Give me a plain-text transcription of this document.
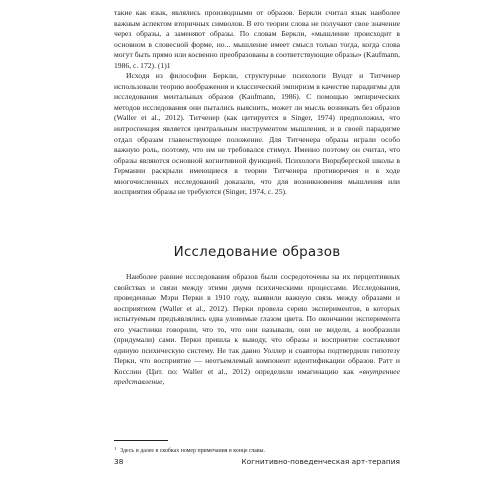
такие как язык, являлись производными от образов. Беркли считал язык наиболее важным аспектом вторичных символов. В его теории слова не получают свое значение через образы, а заменяют образы. По словам Беркли, «мышление происходит в основном в словесной форме, но... мышление имеет смысл только тогда, когда слова могут быть прямо или косвенно преобразованы в соответствующие образы» (Kaufmann, 1986, с. 172). (1)1

Исходя из философии Беркли, структурные психологи Вундт и Титченер использовали теорию воображения и классический эмпиризм в качестве парадигмы для исследования ментальных образов (Kaufmann, 1986). С помощью эмпирических методов исследования они пытались выяснить, может ли мысль возникать без образов (Waller et al., 2012). Титченер (как цитируется в Singer, 1974) предположил, что интроспекция является центральным инструментом мышления, и в своей парадигме отдал образам главенствующее положение. Для Титченера образы играли особо важную роль, поэтому, что им не требовался стимул. Именно поэтому он считал, что образы являются основной когнитивной функцией. Психологи Вюрцбергской школы в Германии раскрыли имеющиеся в теории Титченера противоречия и в ходе многочисленных исследований доказали, что для возникновения мышления или восприятия образы не требуются (Singer, 1974, с. 25).

Исследование образов

Наиболее ранние исследования образов были сосредоточены на их перцептивных свойствах и связи между этими двумя психическими процессами. Исследования, проведенные Мэри Перки в 1910 году, выявили важную связь между образами и восприятием (Waller et al., 2012). Перки провела серию экспериментов, в которых испытуемым предъявлялись едва уловимые глазом цвета. По окончании эксперимента его участники говорили, что то, что они называли, они не видели, а вообразили (придумали) сами. Перки пришла к выводу, что образы и восприятие составляют единую психическую систему. Не так давно Уоллер и соавторы подтвердили гипотезу Перки, что восприятие — неотъемлемый компонент идентификации образов. Ратт и Косслин (Цит. по: Waller et al., 2012) определили имагинацию как «внутреннее представление,

$^1$ Здесь и далее в скобках номер примечания в конце главы.
38	Когнитивно-поведенческая арт-терапия
